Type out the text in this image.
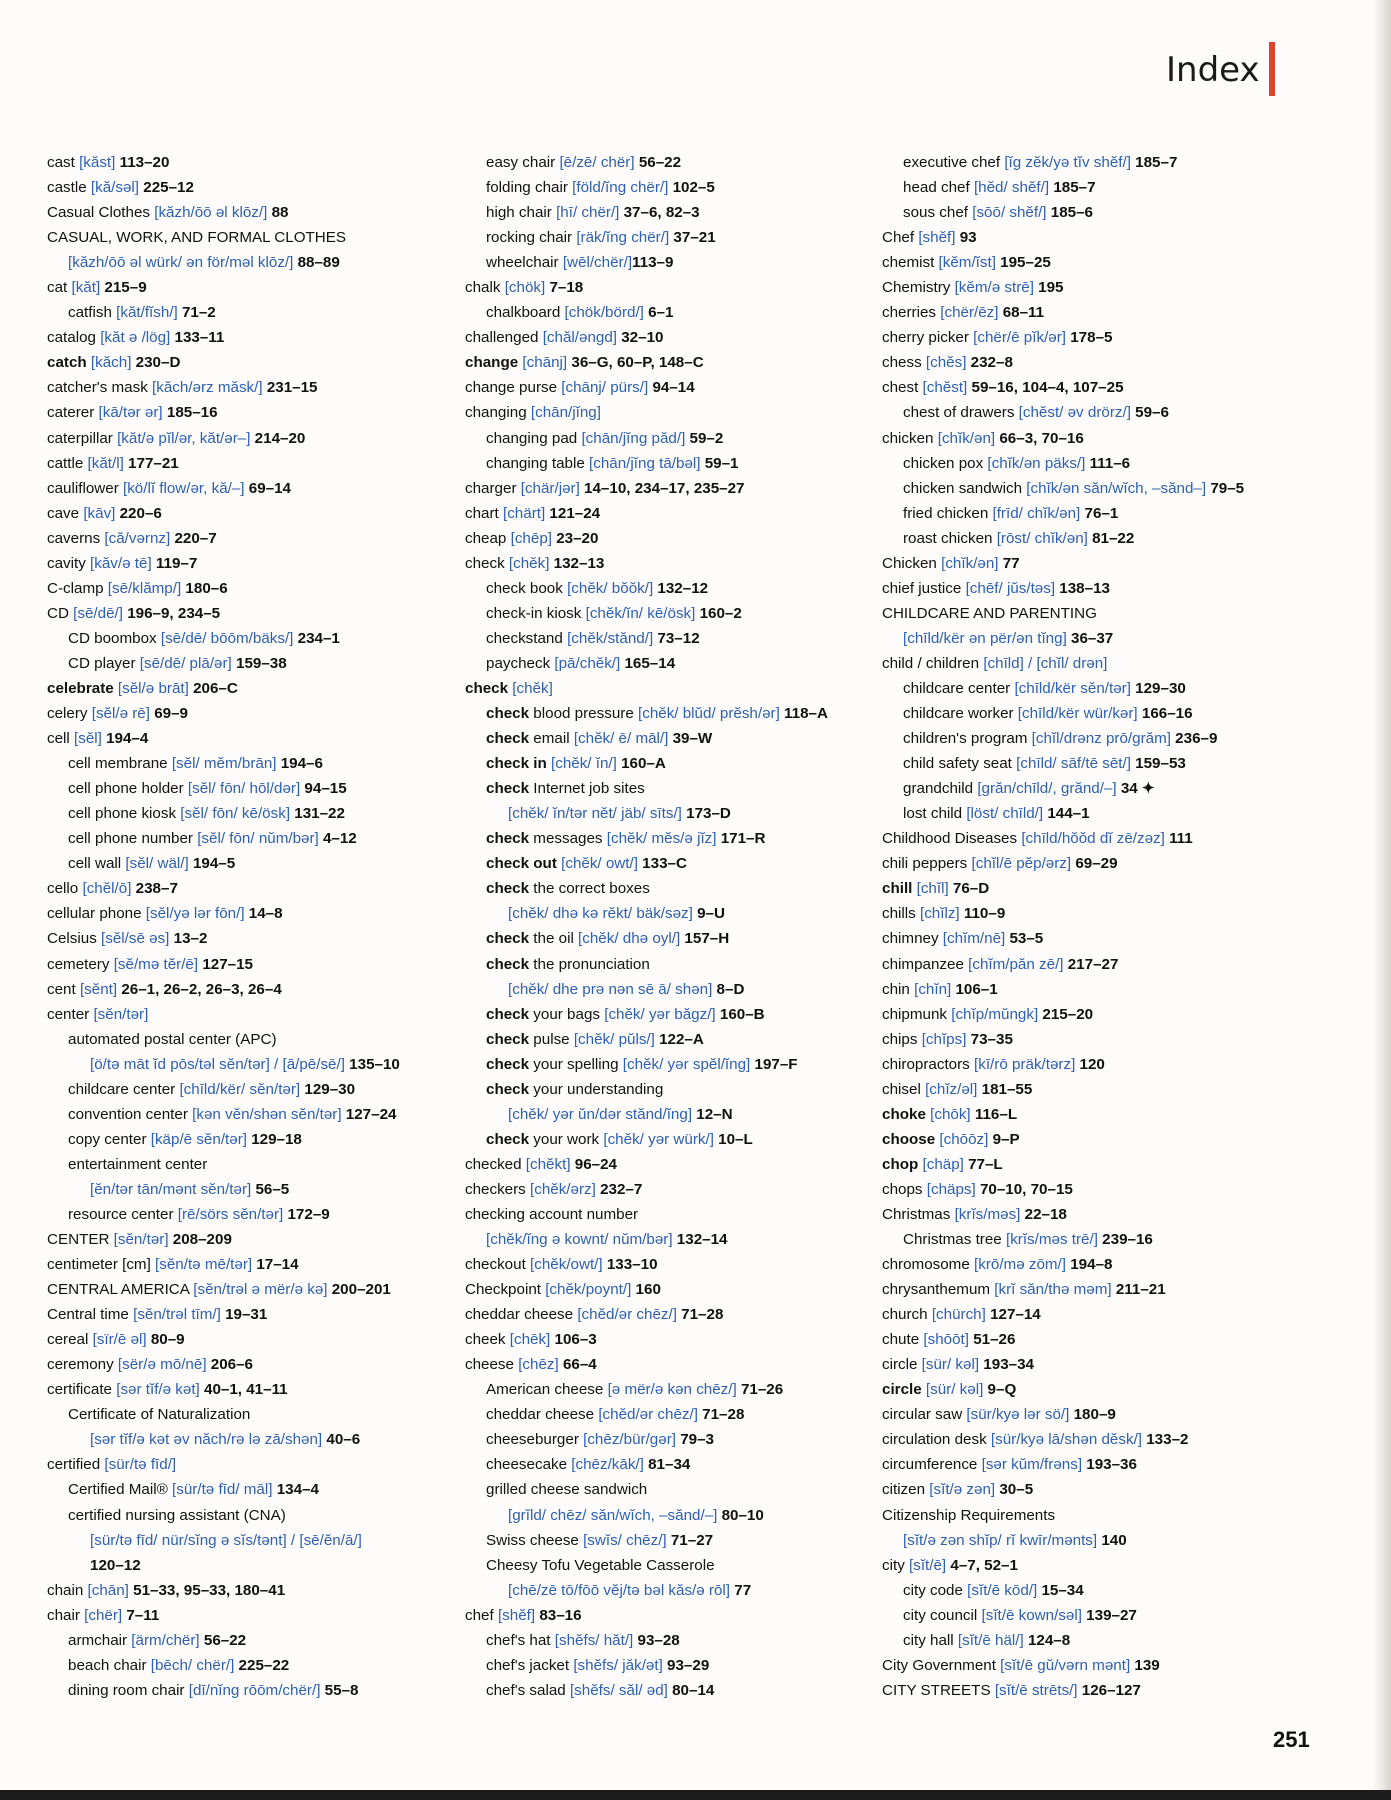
Index
cast [kăst] 113–20
castle [kă/səl] 225–12
Casual Clothes [kăzh/ōō əl klōz/] 88
CASUAL, WORK, AND FORMAL CLOTHES
[kăzh/ōō əl würk/ ən för/məl klōz/] 88–89
cat [kăt] 215–9
catfish [kăt/fĭsh/] 71–2
catalog [kăt ə /lög] 133–11
catch [kăch] 230–D
catcher's mask [kăch/ərz măsk/] 231–15
caterer [kā/tər ər] 185–16
caterpillar [kăt/ə pĭl/ər, kăt/ər–] 214–20
cattle [kăt/l] 177–21
cauliflower [kö/lĭ flow/ər, kă/–] 69–14
cave [kāv] 220–6
caverns [că/vərnz] 220–7
cavity [kăv/ə tē] 119–7
C-clamp [sē/klămp/] 180–6
CD [sē/dē/] 196–9, 234–5
CD boombox [sē/dē/ bōōm/bäks/] 234–1
CD player [sē/dē/ plā/ər] 159–38
celebrate [sĕl/ə brāt] 206–C
celery [sĕl/ə rē] 69–9
cell [sĕl] 194–4
cell membrane [sĕl/ mĕm/brān] 194–6
cell phone holder [sĕl/ fōn/ hōl/dər] 94–15
cell phone kiosk [sĕl/ fōn/ kē/ösk] 131–22
cell phone number [sĕl/ fōn/ nŭm/bər] 4–12
cell wall [sĕl/ wäl/] 194–5
cello [chĕl/ō] 238–7
cellular phone [sĕl/yə lər fōn/] 14–8
Celsius [sĕl/sē əs] 13–2
cemetery [sĕ/mə tĕr/ē] 127–15
cent [sĕnt] 26–1, 26–2, 26–3, 26–4
center [sĕn/tər]
automated postal center (APC)
[ö/tə māt ĭd pōs/təl sĕn/tər] / [ā/pē/sē/] 135–10
childcare center [chīld/kër/ sĕn/tər] 129–30
convention center [kən vĕn/shən sĕn/tər] 127–24
copy center [käp/ē sĕn/tər] 129–18
entertainment center
[ĕn/tər tān/mənt sĕn/tər] 56–5
resource center [rē/sörs sĕn/tər] 172–9
CENTER [sĕn/tər] 208–209
centimeter [cm] [sĕn/tə mē/tər] 17–14
CENTRAL AMERICA [sĕn/trəl ə mër/ə kə] 200–201
Central time [sĕn/trəl tīm/] 19–31
cereal [sïr/ē əl] 80–9
ceremony [sër/ə mō/nē] 206–6
certificate [sər tĭf/ə kət] 40–1, 41–11
Certificate of Naturalization
[sər tĭf/ə kət əv năch/rə lə zā/shən] 40–6
certified [sür/tə fīd/]
Certified Mail® [sür/tə fīd/ māl] 134–4
certified nursing assistant (CNA)
[sür/tə fīd/ nür/sĭng ə sĭs/tənt] / [sē/ĕn/ā/]
120–12
chain [chān] 51–33, 95–33, 180–41
chair [chër] 7–11
armchair [ärm/chër] 56–22
beach chair [bēch/ chër/] 225–22
dining room chair [dī/nĭng rōōm/chër/] 55–8
easy chair [ē/zē/ chër] 56–22
folding chair [föld/ĭng chër/] 102–5
high chair [hī/ chër/] 37–6, 82–3
rocking chair [räk/ĭng chër/] 37–21
wheelchair [wēl/chër/]113–9
chalk [chök] 7–18
chalkboard [chök/börd/] 6–1
challenged [chăl/əngd] 32–10
change [chānj] 36–G, 60–P, 148–C
change purse [chānj/ pürs/] 94–14
changing [chān/jĭng]
changing pad [chān/jĭng păd/] 59–2
changing table [chān/jĭng tā/bəl] 59–1
charger [chär/jər] 14–10, 234–17, 235–27
chart [chärt] 121–24
cheap [chēp] 23–20
check [chĕk] 132–13
check book [chĕk/ bŏŏk/] 132–12
check-in kiosk [chĕk/ĭn/ kē/ösk] 160–2
checkstand [chĕk/stănd/] 73–12
paycheck [pā/chĕk/] 165–14
check [chĕk]
check blood pressure [chĕk/ blŭd/ prĕsh/ər] 118–A
check email [chĕk/ ē/ māl/] 39–W
check in [chĕk/ ĭn/] 160–A
check Internet job sites
[chĕk/ ĭn/tər nĕt/ jäb/ sīts/] 173–D
check messages [chĕk/ mĕs/ə jĭz] 171–R
check out [chĕk/ owt/] 133–C
check the correct boxes
[chĕk/ dhə kə rĕkt/ bäk/səz] 9–U
check the oil [chĕk/ dhə oyl/] 157–H
check the pronunciation
[chĕk/ dhe prə nən sē ā/ shən] 8–D
check your bags [chĕk/ yər băgz/] 160–B
check pulse [chĕk/ pŭls/] 122–A
check your spelling [chĕk/ yər spĕl/ĭng] 197–F
check your understanding
[chĕk/ yər ŭn/dər stănd/ĭng] 12–N
check your work [chĕk/ yər würk/] 10–L
checked [chĕkt] 96–24
checkers [chĕk/ərz] 232–7
checking account number
[chĕk/ĭng ə kownt/ nŭm/bər] 132–14
checkout [chĕk/owt/] 133–10
Checkpoint [chĕk/poynt/] 160
cheddar cheese [chĕd/ər chēz/] 71–28
cheek [chēk] 106–3
cheese [chēz] 66–4
American cheese [ə mër/ə kən chēz/] 71–26
cheddar cheese [chĕd/ər chēz/] 71–28
cheeseburger [chēz/bür/gər] 79–3
cheesecake [chēz/kāk/] 81–34
grilled cheese sandwich
[grĭld/ chēz/ săn/wĭch, –sănd/–] 80–10
Swiss cheese [swĭs/ chēz/] 71–27
Cheesy Tofu Vegetable Casserole
[chē/zē tō/fōō vĕj/tə bəl kăs/ə rōl] 77
chef [shĕf] 83–16
chef's hat [shĕfs/ hăt/] 93–28
chef's jacket [shĕfs/ jăk/ət] 93–29
chef's salad [shĕfs/ săl/ əd] 80–14
executive chef [ĭg zĕk/yə tĭv shĕf/] 185–7
head chef [hĕd/ shĕf/] 185–7
sous chef [sōō/ shĕf/] 185–6
Chef [shĕf] 93
chemist [kĕm/ĭst] 195–25
Chemistry [kĕm/ə strē] 195
cherries [chër/ēz] 68–11
cherry picker [chër/ē pĭk/ər] 178–5
chess [chĕs] 232–8
chest [chĕst] 59–16, 104–4, 107–25
chest of drawers [chĕst/ əv drörz/] 59–6
chicken [chĭk/ən] 66–3, 70–16
chicken pox [chĭk/ən päks/] 111–6
chicken sandwich [chĭk/ən săn/wĭch, –sănd–] 79–5
fried chicken [frīd/ chĭk/ən] 76–1
roast chicken [rōst/ chĭk/ən] 81–22
Chicken [chĭk/ən] 77
chief justice [chēf/ jŭs/təs] 138–13
CHILDCARE AND PARENTING
[chīld/kër ən për/ən tĭng] 36–37
child / children [chīld] / [chĭl/ drən]
childcare center [chīld/kër sĕn/tər] 129–30
childcare worker [chīld/kër wür/kər] 166–16
children's program [chĭl/drənz prō/grăm] 236–9
child safety seat [chīld/ sāf/tē sēt/] 159–53
grandchild [grăn/chīld/, grănd/–] 34 ✦
lost child [löst/ chīld/] 144–1
Childhood Diseases [chīld/hŏŏd dĭ zē/zəz] 111
chili peppers [chĭl/ē pĕp/ərz] 69–29
chill [chĭl] 76–D
chills [chĭlz] 110–9
chimney [chĭm/nē] 53–5
chimpanzee [chĭm/păn zē/] 217–27
chin [chĭn] 106–1
chipmunk [chĭp/mŭngk] 215–20
chips [chĭps] 73–35
chiropractors [kī/rō präk/tərz] 120
chisel [chĭz/əl] 181–55
choke [chōk] 116–L
choose [chōōz] 9–P
chop [chäp] 77–L
chops [chäps] 70–10, 70–15
Christmas [krĭs/məs] 22–18
Christmas tree [krĭs/məs trē/] 239–16
chromosome [krō/mə zōm/] 194–8
chrysanthemum [krĭ săn/thə məm] 211–21
church [chürch] 127–14
chute [shōōt] 51–26
circle [sür/ kəl] 193–34
circle [sür/ kəl] 9–Q
circular saw [sür/kyə lər sö/] 180–9
circulation desk [sür/kyə lā/shən dĕsk/] 133–2
circumference [sər kŭm/frəns] 193–36
citizen [sĭt/ə zən] 30–5
Citizenship Requirements
[sĭt/ə zən shĭp/ rĭ kwīr/mənts] 140
city [sĭt/ē] 4–7, 52–1
city code [sĭt/ē kōd/] 15–34
city council [sĭt/ē kown/səl] 139–27
city hall [sĭt/ē häl/] 124–8
City Government [sĭt/ē gŭ/vərn mənt] 139
CITY STREETS [sĭt/ē strēts/] 126–127
251
